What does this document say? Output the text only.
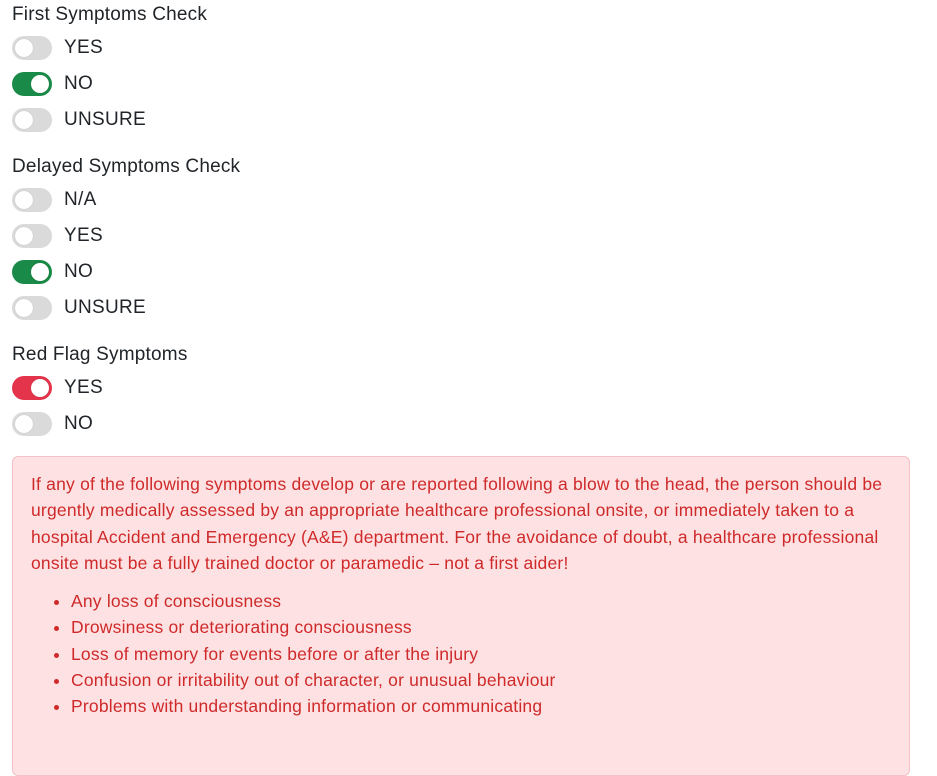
First Symptoms Check
YES
NO
UNSURE
Delayed Symptoms Check
N/A
YES
NO
UNSURE
Red Flag Symptoms
YES
NO

If any of the following symptoms develop or are reported following a blow to the head, the person should be urgently medically assessed by an appropriate healthcare professional onsite, or immediately taken to a hospital Accident and Emergency (A&E) department. For the avoidance of doubt, a healthcare professional onsite must be a fully trained doctor or paramedic – not a first aider!

• Any loss of consciousness
• Drowsiness or deteriorating consciousness
• Loss of memory for events before or after the injury
• Confusion or irritability out of character, or unusual behaviour
• Problems with understanding information or communicating
